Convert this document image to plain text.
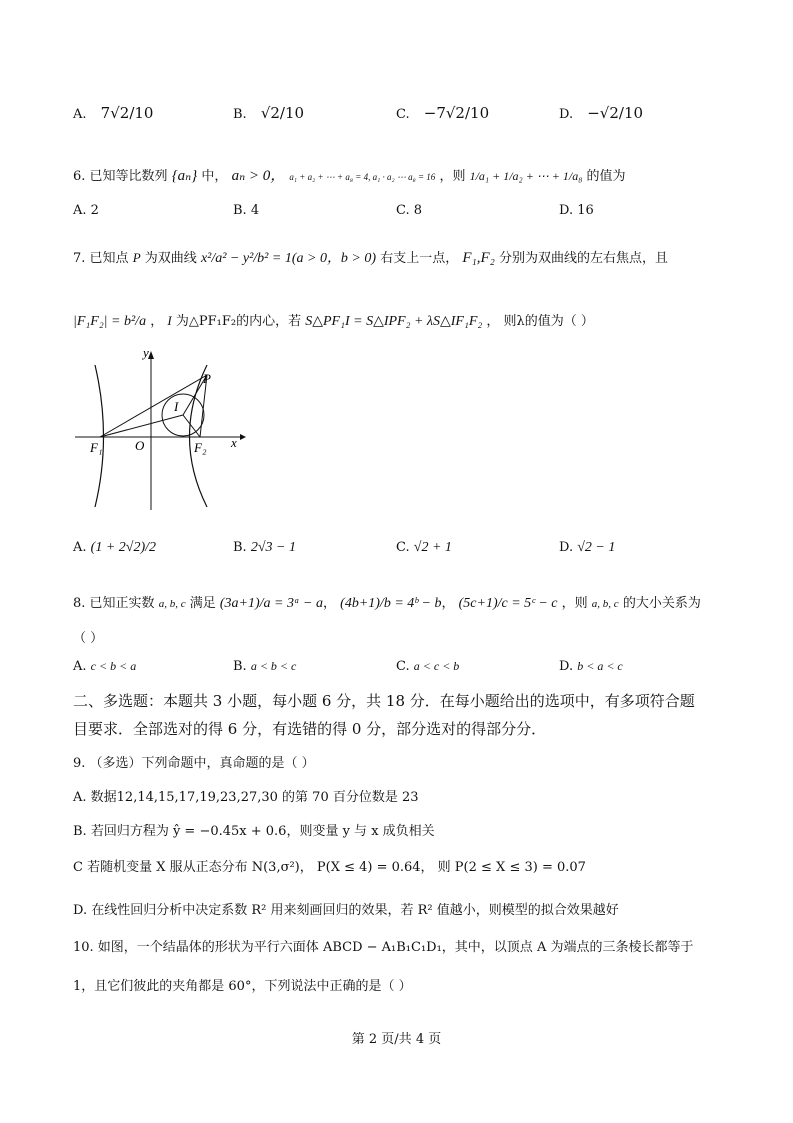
A. 7√2/10	B. √2/10	C. −7√2/10	D. −√2/10
6. 已知等比数列 {aₙ} 中， aₙ > 0， a₁ + a₂ + ⋯ + a₈ = 4, a₁ · a₂ ⋯ a₈ = 16 ，则 1/a₁ + 1/a₂ + ⋯ + 1/a₈ 的值为
A. 2	B. 4	C. 8	D. 16
7. 已知点 P 为双曲线 x²/a² − y²/b² = 1(a > 0，b > 0) 右支上一点， F₁,F₂ 分别为双曲线的左右焦点，且
|F₁F₂| = b²/a ， I 为△PF₁F₂的内心，若 S△PF₁I = S△IPF₂ + λS△IF₁F₂ ， 则λ的值为（ ）
y
P
I
F₁	O	F₂ x
A. (1 + 2√2)/2	B. 2√3 − 1	C. √2 + 1	D. √2 − 1
8. 已知正实数 a, b, c 满足 (3a+1)/a = 3ᵃ − a， (4b+1)/b = 4ᵇ − b， (5c+1)/c = 5ᶜ − c ，则 a, b, c 的大小关系为
（ ）
A. c < b < a	B. a < b < c	C. a < c < b	D. b < a < c
二、多选题：本题共 3 小题，每小题 6 分，共 18 分．在每小题给出的选项中，有多项符合题
目要求．全部选对的得 6 分，有选错的得 0 分，部分选对的得部分分．
9. （多选）下列命题中，真命题的是（ ）
A. 数据12,14,15,17,19,23,27,30 的第 70 百分位数是 23
B. 若回归方程为 ŷ = −0.45x + 0.6，则变量 y 与 x 成负相关
C 若随机变量 X 服从正态分布 N(3,σ²)， P(X ≤ 4) = 0.64， 则 P(2 ≤ X ≤ 3) = 0.07
D. 在线性回归分析中决定系数 R² 用来刻画回归的效果，若 R² 值越小，则模型的拟合效果越好
10. 如图，一个结晶体的形状为平行六面体 ABCD − A₁B₁C₁D₁，其中，以顶点 A 为端点的三条棱长都等于
1，且它们彼此的夹角都是 60°，下列说法中正确的是（ ）
第 2 页/共 4 页
